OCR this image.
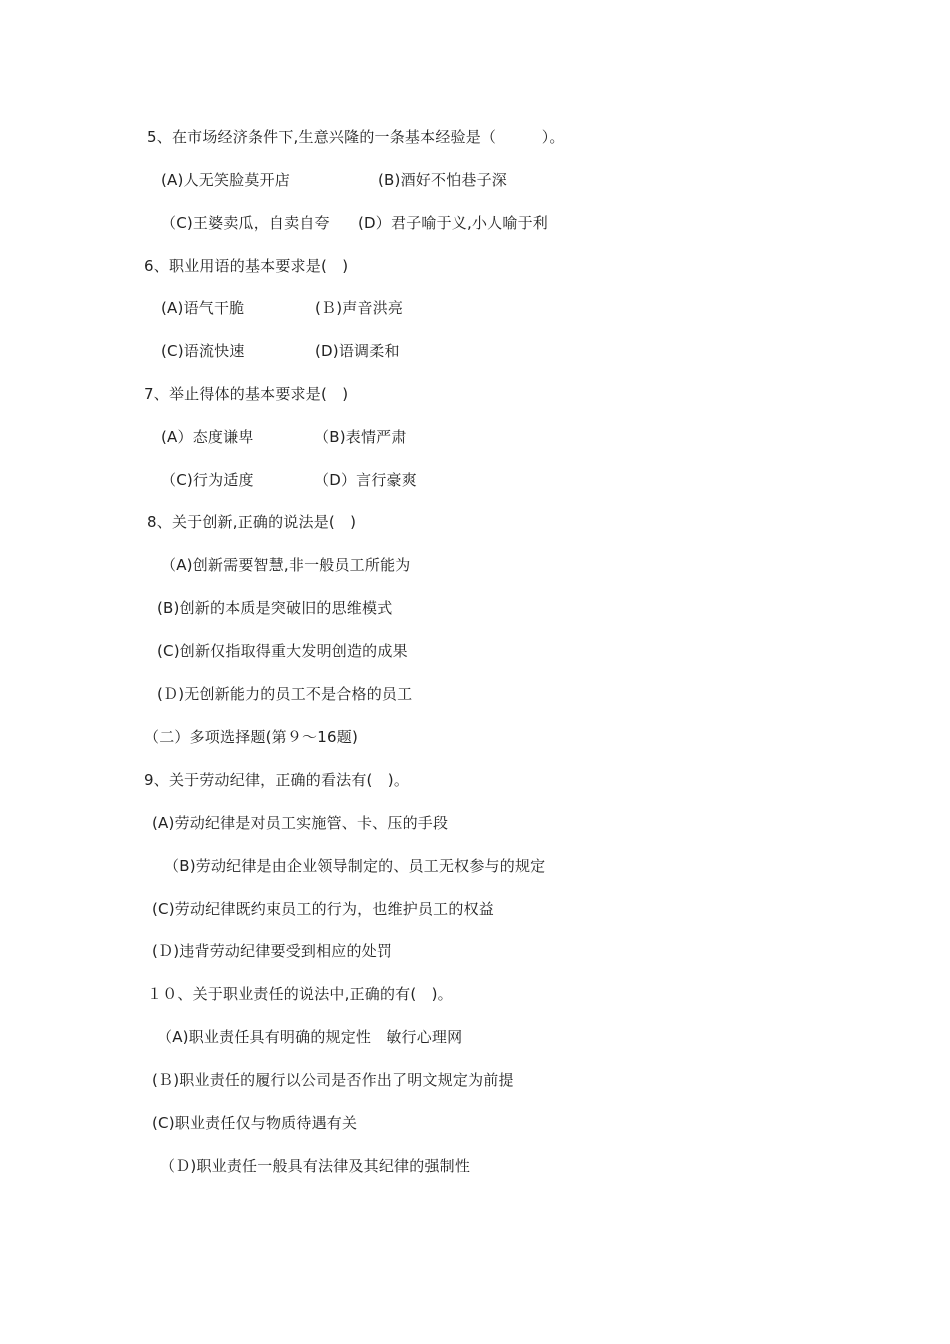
5、在市场经济条件下,生意兴隆的一条基本经验是（　　　）。
(A)人无笑脸莫开店	(B)酒好不怕巷子深
（C)王婆卖瓜，自卖自夸 (D）君子喻于义,小人喻于利
6、职业用语的基本要求是(　)
(A)语气干脆	(Ｂ)声音洪亮
(C)语流快速	(D)语调柔和
7、举止得体的基本要求是(　)
(A）态度谦卑	（B)表情严肃
（C)行为适度	（D）言行豪爽
8、关于创新,正确的说法是(　)
（A)创新需要智慧,非一般员工所能为
(B)创新的本质是突破旧的思维模式
(C)创新仅指取得重大发明创造的成果
(Ｄ)无创新能力的员工不是合格的员工
（二）多项选择题(第９～16题)
9、关于劳动纪律，正确的看法有(　)。
(A)劳动纪律是对员工实施管、卡、压的手段
（B)劳动纪律是由企业领导制定的、员工无权参与的规定
(C)劳动纪律既约束员工的行为，也维护员工的权益
(Ｄ)违背劳动纪律要受到相应的处罚
１０、关于职业责任的说法中,正确的有(　)。
（A)职业责任具有明确的规定性　敏行心理网
(Ｂ)职业责任的履行以公司是否作出了明文规定为前提
(C)职业责任仅与物质待遇有关
（Ｄ)职业责任一般具有法律及其纪律的强制性
